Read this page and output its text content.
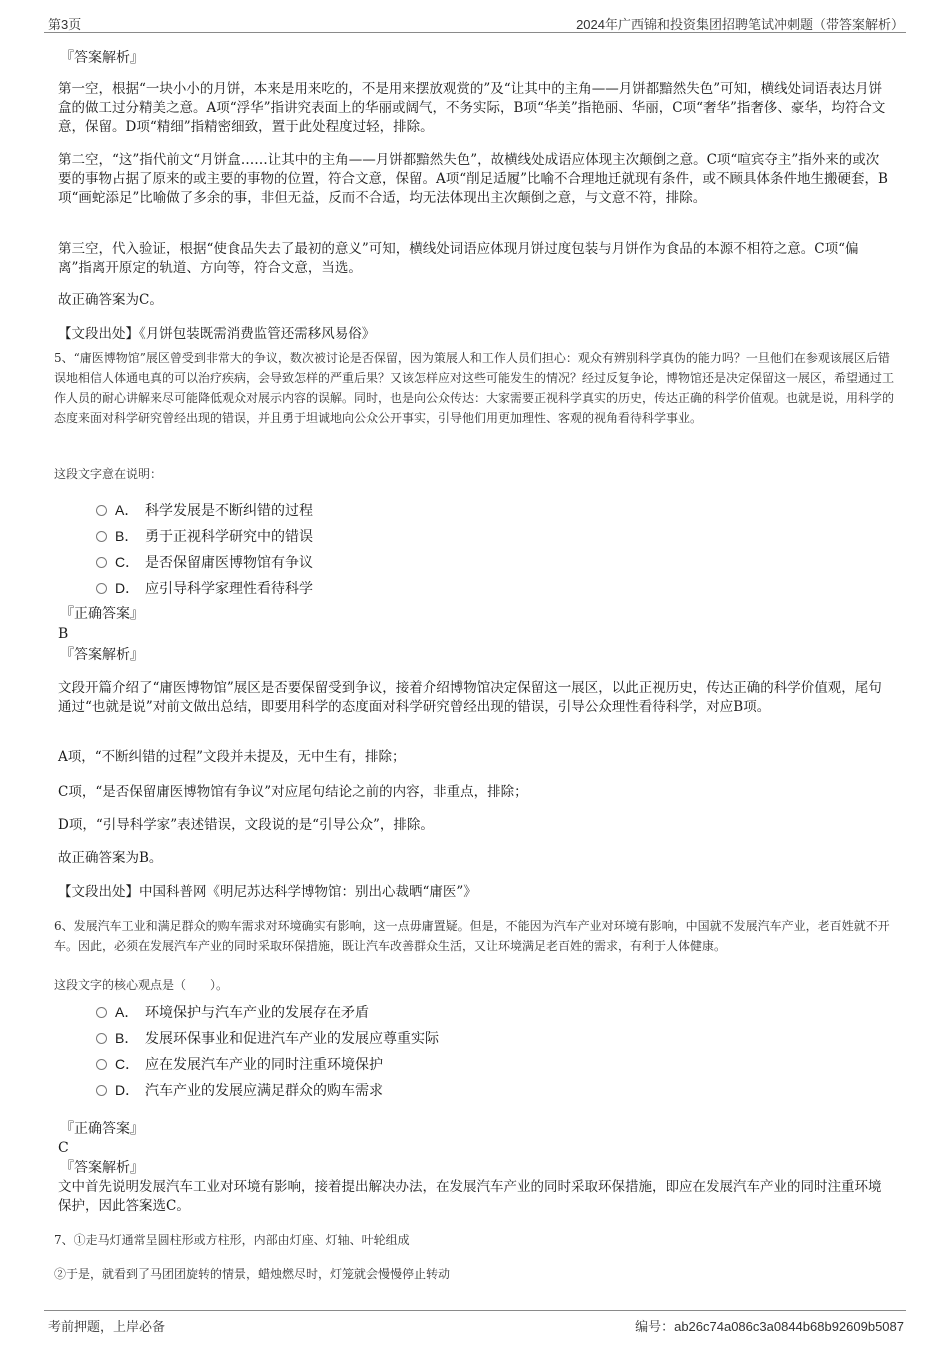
第3页	2024年广西锦和投资集团招聘笔试冲刺题（带答案解析）
『答案解析』

第一空，根据“一块小小的月饼，本来是用来吃的，不是用来摆放观赏的”及“让其中的主角——月饼都黯然失色”可知，横线处词语表达月饼盒的做工过分精美之意。A项“浮华”指讲究表面上的华丽或阔气，不务实际，B项“华美”指艳丽、华丽，C项“奢华”指奢侈、豪华，均符合文意，保留。D项“精细”指精密细致，置于此处程度过轻，排除。

第二空，“这”指代前文“月饼盒……让其中的主角——月饼都黯然失色”，故横线处成语应体现主次颠倒之意。C项“喧宾夺主”指外来的或次要的事物占据了原来的或主要的事物的位置，符合文意，保留。A项“削足适履”比喻不合理地迁就现有条件，或不顾具体条件地生搬硬套，B项“画蛇添足”比喻做了多余的事，非但无益，反而不合适，均无法体现出主次颠倒之意，与文意不符，排除。

第三空，代入验证，根据“使食品失去了最初的意义”可知，横线处词语应体现月饼过度包装与月饼作为食品的本源不相符之意。C项“偏离”指离开原定的轨道、方向等，符合文意，当选。

故正确答案为C。

【文段出处】《月饼包装既需消费监管还需移风易俗》

5、“庸医博物馆”展区曾受到非常大的争议，数次被讨论是否保留，因为策展人和工作人员们担心：观众有辨别科学真伪的能力吗？一旦他们在参观该展区后错误地相信人体通电真的可以治疗疾病，会导致怎样的严重后果？又该怎样应对这些可能发生的情况？经过反复争论，博物馆还是决定保留这一展区，希望通过工作人员的耐心讲解来尽可能降低观众对展示内容的误解。同时，也是向公众传达：大家需要正视科学真实的历史，传达正确的科学价值观。也就是说，用科学的态度来面对科学研究曾经出现的错误，并且勇于坦诚地向公众公开事实，引导他们用更加理性、客观的视角看待科学事业。

这段文字意在说明：

A． 科学发展是不断纠错的过程
B． 勇于正视科学研究中的错误
C． 是否保留庸医博物馆有争议
D． 应引导科学家理性看待科学
『正确答案』
B
『答案解析』

文段开篇介绍了“庸医博物馆”展区是否要保留受到争议，接着介绍博物馆决定保留这一展区，以此正视历史，传达正确的科学价值观，尾句通过“也就是说”对前文做出总结，即要用科学的态度面对科学研究曾经出现的错误，引导公众理性看待科学，对应B项。

A项，“不断纠错的过程”文段并未提及，无中生有，排除；

C项，“是否保留庸医博物馆有争议”对应尾句结论之前的内容，非重点，排除；

D项，“引导科学家”表述错误，文段说的是“引导公众”，排除。

故正确答案为B。

【文段出处】中国科普网《明尼苏达科学博物馆：别出心裁晒“庸医”》

6、发展汽车工业和满足群众的购车需求对环境确实有影响，这一点毋庸置疑。但是，不能因为汽车产业对环境有影响，中国就不发展汽车产业，老百姓就不开车。因此，必须在发展汽车产业的同时采取环保措施，既让汽车改善群众生活，又让环境满足老百姓的需求，有利于人体健康。

这段文字的核心观点是（　　）。

A． 环境保护与汽车产业的发展存在矛盾
B． 发展环保事业和促进汽车产业的发展应尊重实际
C． 应在发展汽车产业的同时注重环境保护
D． 汽车产业的发展应满足群众的购车需求
『正确答案』
C
『答案解析』

文中首先说明发展汽车工业对环境有影响，接着提出解决办法，在发展汽车产业的同时采取环保措施，即应在发展汽车产业的同时注重环境保护，因此答案选C。

7、①走马灯通常呈圆柱形或方柱形，内部由灯座、灯轴、叶轮组成

②于是，就看到了马团团旋转的情景，蜡烛燃尽时，灯笼就会慢慢停止转动

考前押题，上岸必备	编号：ab26c74a086c3a0844b68b92609b5087
